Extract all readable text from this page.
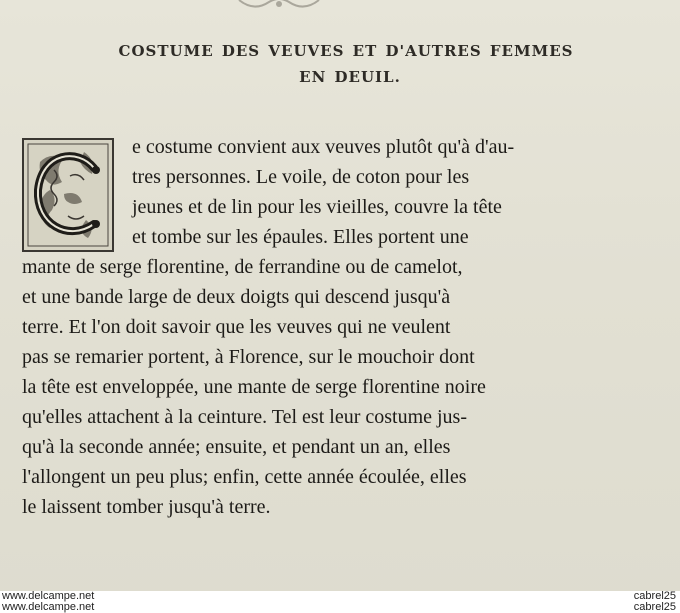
COSTUME DES VEUVES ET D'AUTRES FEMMES
EN DEUIL.
e costume convient aux veuves plutôt qu'à d'au-
tres personnes. Le voile, de coton pour les
jeunes et de lin pour les vieilles, couvre la tête
et tombe sur les épaules. Elles portent une
mante de serge florentine, de ferrandine ou de camelot,
et une bande large de deux doigts qui descend jusqu'à
terre. Et l'on doit savoir que les veuves qui ne veulent
pas se remarier portent, à Florence, sur le mouchoir dont
la tête est enveloppée, une mante de serge florentine noire
qu'elles attachent à la ceinture. Tel est leur costume jus-
qu'à la seconde année; ensuite, et pendant un an, elles
l'allongent un peu plus; enfin, cette année écoulée, elles
le laissent tomber jusqu'à terre.
www.delcampe.net
www.delcampe.net
cabrel25
cabrel25
